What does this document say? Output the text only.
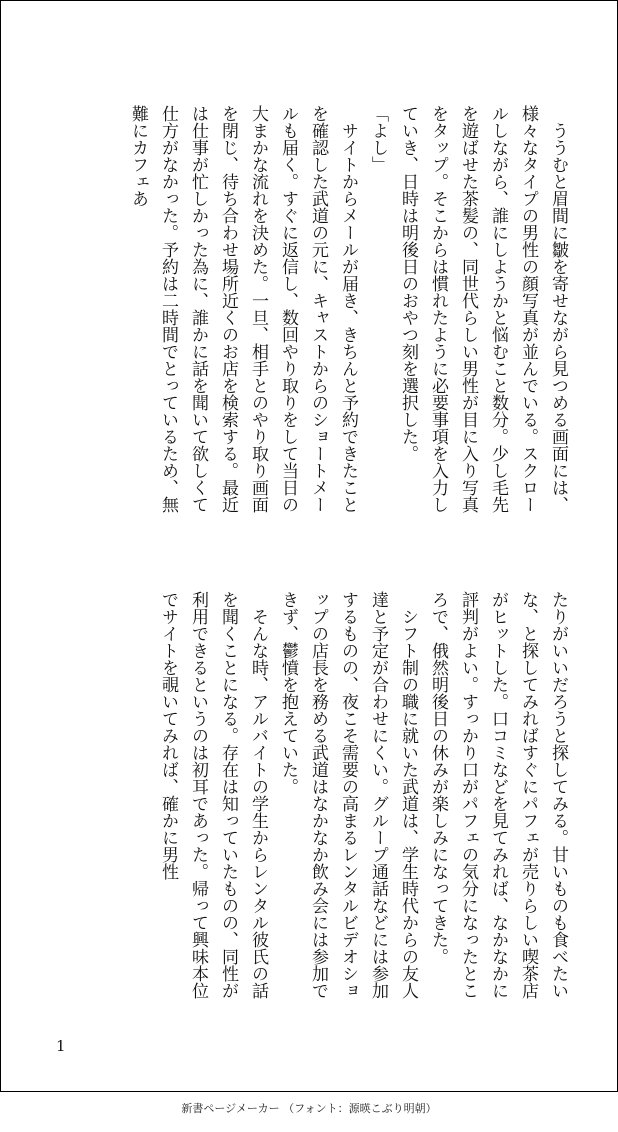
　ううむと眉間に皺を寄せながら見つめる画面には、様々なタイプの男性の顔写真が並んでいる。スクロールしながら、誰にしようかと悩むこと数分。少し毛先を遊ばせた茶髪の、同世代らしい男性が目に入り写真をタップ。そこからは慣れたように必要事項を入力していき、日時は明後日のおやつ刻を選択した。

「よし」

　サイトからメールが届き、きちんと予約できたことを確認した武道の元に、キャストからのショートメールも届く。すぐに返信し、数回やり取りをして当日の大まかな流れを決めた。一旦、相手とのやり取り画面を閉じ、待ち合わせ場所近くのお店を検索する。最近は仕事が忙しかった為に、誰かに話を聞いて欲しくて仕方がなかった。予約は二時間でとっているため、無難にカフェあ

たりがいいだろうと探してみる。甘いものも食べたいな、と探してみればすぐにパフェが売りらしい喫茶店がヒットした。口コミなどを見てみれば、なかなかに評判がよい。すっかり口がパフェの気分になったところで、俄然明後日の休みが楽しみになってきた。

　シフト制の職に就いた武道は、学生時代からの友人達と予定が合わせにくい。グループ通話などには参加するものの、夜こそ需要の高まるレンタルビデオショップの店長を務める武道はなかなか飲み会には参加できず、鬱憤を抱えていた。

　そんな時、アルバイトの学生からレンタル彼氏の話を聞くことになる。存在は知っていたものの、同性が利用できるというのは初耳であった。帰って興味本位でサイトを覗いてみれば、確かに男性

1
新書ページメーカー （フォント：源暎こぶり明朝）
